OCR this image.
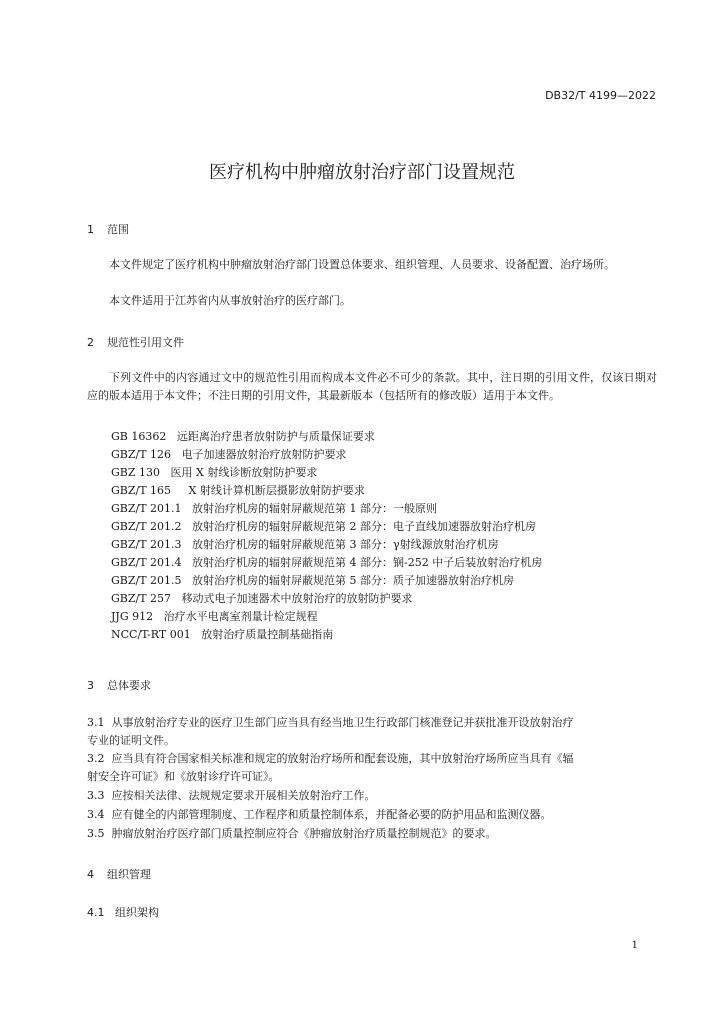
DB32/T 4199—2022
医疗机构中肿瘤放射治疗部门设置规范
1 范围
本文件规定了医疗机构中肿瘤放射治疗部门设置总体要求、组织管理、人员要求、设备配置、治疗场所。
本文件适用于江苏省内从事放射治疗的医疗部门。
2 规范性引用文件
下列文件中的内容通过文中的规范性引用而构成本文件必不可少的条款。其中，注日期的引用文件，仅该日期对应的版本适用于本文件；不注日期的引用文件，其最新版本（包括所有的修改版）适用于本文件。
GB 16362 远距离治疗患者放射防护与质量保证要求
GBZ/T 126 电子加速器放射治疗放射防护要求
GBZ 130 医用 X 射线诊断放射防护要求
GBZ/T 165 X 射线计算机断层摄影放射防护要求
GBZ/T 201.1 放射治疗机房的辐射屏蔽规范第 1 部分：一般原则
GBZ/T 201.2 放射治疗机房的辐射屏蔽规范第 2 部分：电子直线加速器放射治疗机房
GBZ/T 201.3 放射治疗机房的辐射屏蔽规范第 3 部分：γ射线源放射治疗机房
GBZ/T 201.4 放射治疗机房的辐射屏蔽规范第 4 部分：锎-252 中子后装放射治疗机房
GBZ/T 201.5 放射治疗机房的辐射屏蔽规范第 5 部分：质子加速器放射治疗机房
GBZ/T 257 移动式电子加速器术中放射治疗的放射防护要求
JJG 912 治疗水平电离室剂量计检定规程
NCC/T-RT 001 放射治疗质量控制基础指南
3 总体要求
3.1 从事放射治疗专业的医疗卫生部门应当具有经当地卫生行政部门核准登记并获批准开设放射治疗
专业的证明文件。
3.2 应当具有符合国家相关标准和规定的放射治疗场所和配套设施，其中放射治疗场所应当具有《辐
射安全许可证》和《放射诊疗许可证》。
3.3 应按相关法律、法规规定要求开展相关放射治疗工作。
3.4 应有健全的内部管理制度、工作程序和质量控制体系，并配备必要的防护用品和监测仪器。
3.5 肿瘤放射治疗医疗部门质量控制应符合《肿瘤放射治疗质量控制规范》的要求。
4 组织管理
4.1 组织架构
1
